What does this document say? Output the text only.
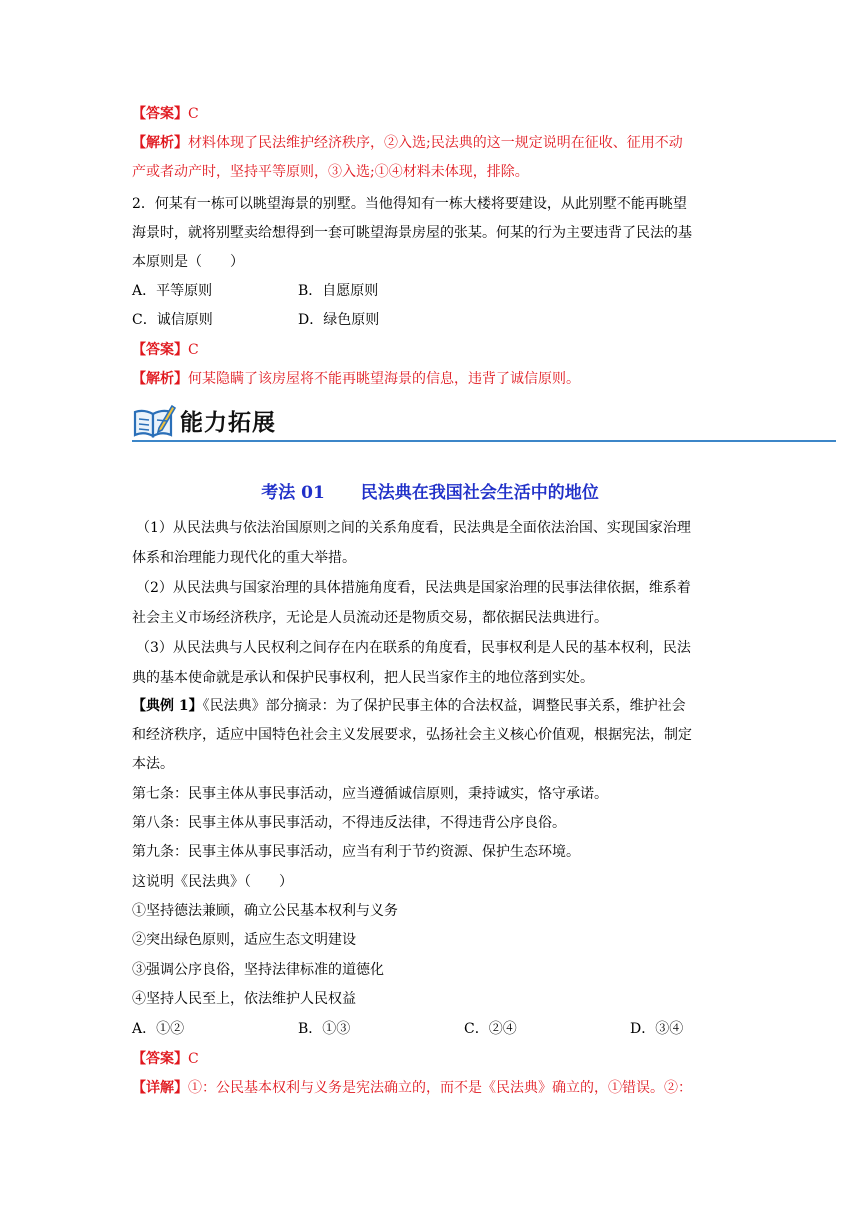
【答案】C
【解析】材料体现了民法维护经济秩序，②入选;民法典的这一规定说明在征收、征用不动
产或者动产时，坚持平等原则，③入选;①④材料未体现，排除。
2．何某有一栋可以眺望海景的别墅。当他得知有一栋大楼将要建设，从此别墅不能再眺望
海景时，就将别墅卖给想得到一套可眺望海景房屋的张某。何某的行为主要违背了民法的基
本原则是（　　）
A．平等原则	B．自愿原则
C．诚信原则	D．绿色原则
【答案】C
【解析】何某隐瞒了该房屋将不能再眺望海景的信息，违背了诚信原则。
能力拓展
考法 01 民法典在我国社会生活中的地位
（1）从民法典与依法治国原则之间的关系角度看，民法典是全面依法治国、实现国家治理
体系和治理能力现代化的重大举措。
（2）从民法典与国家治理的具体措施角度看，民法典是国家治理的民事法律依据，维系着
社会主义市场经济秩序，无论是人员流动还是物质交易，都依据民法典进行。
（3）从民法典与人民权利之间存在内在联系的角度看，民事权利是人民的基本权利，民法
典的基本使命就是承认和保护民事权利，把人民当家作主的地位落到实处。
【典例 1】《民法典》部分摘录：为了保护民事主体的合法权益，调整民事关系，维护社会
和经济秩序，适应中国特色社会主义发展要求，弘扬社会主义核心价值观，根据宪法，制定
本法。
第七条：民事主体从事民事活动，应当遵循诚信原则，秉持诚实，恪守承诺。
第八条：民事主体从事民事活动，不得违反法律，不得违背公序良俗。
第九条：民事主体从事民事活动，应当有利于节约资源、保护生态环境。
这说明《民法典》（　　）
①坚持德法兼顾，确立公民基本权利与义务
②突出绿色原则，适应生态文明建设
③强调公序良俗，坚持法律标准的道德化
④坚持人民至上，依法维护人民权益
A．①②	B．①③	C．②④	D．③④
【答案】C
【详解】①：公民基本权利与义务是宪法确立的，而不是《民法典》确立的，①错误。②：
